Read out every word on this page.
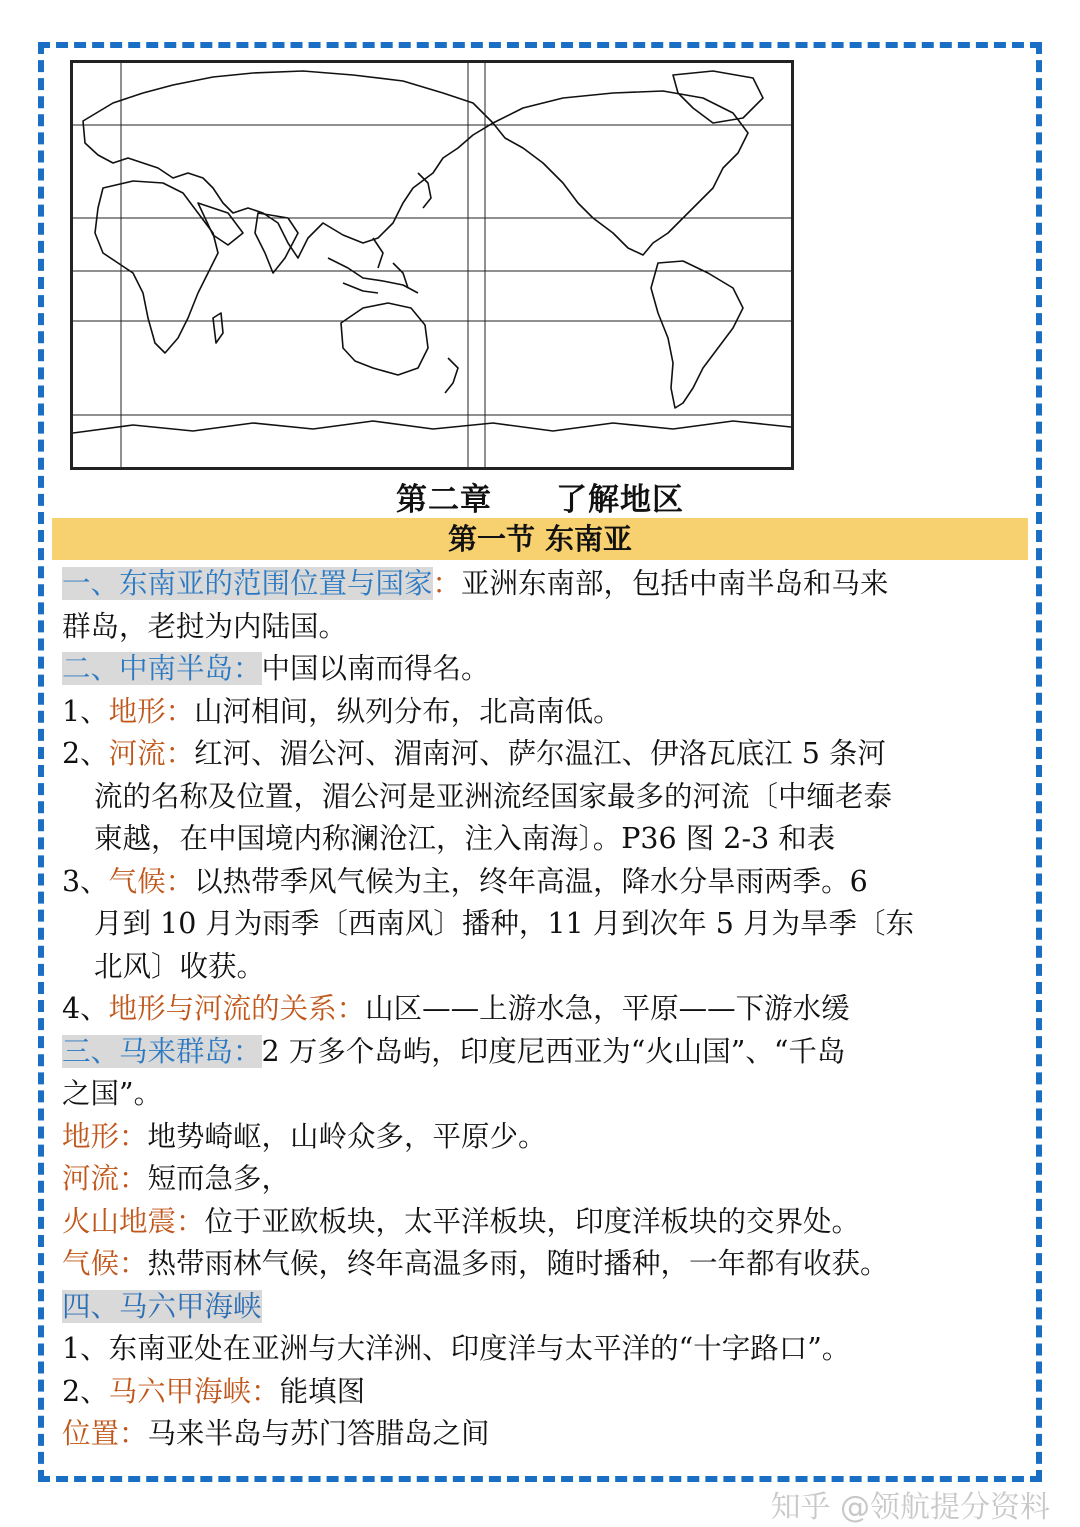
第二章　　了解地区
第一节 东南亚
一、东南亚的范围位置与国家：亚洲东南部，包括中南半岛和马来
群岛，老挝为内陆国。
二、中南半岛：中国以南而得名。
1、地形：山河相间，纵列分布，北高南低。
2、河流：红河、湄公河、湄南河、萨尔温江、伊洛瓦底江 5 条河
流的名称及位置，湄公河是亚洲流经国家最多的河流〔中缅老泰
柬越，在中国境内称澜沧江，注入南海〕。P36 图 2-3 和表
3、气候：以热带季风气候为主，终年高温，降水分旱雨两季。6
月到 10 月为雨季〔西南风〕播种，11 月到次年 5 月为旱季〔东
北风〕收获。
4、地形与河流的关系：山区——上游水急，平原——下游水缓
三、马来群岛：2 万多个岛屿，印度尼西亚为“火山国”、“千岛
之国”。
地形：地势崎岖，山岭众多，平原少。
河流：短而急多，
火山地震：位于亚欧板块，太平洋板块，印度洋板块的交界处。
气候：热带雨林气候，终年高温多雨，随时播种，一年都有收获。
四、马六甲海峡
1、东南亚处在亚洲与大洋洲、印度洋与太平洋的“十字路口”。
2、马六甲海峡：能填图
位置：马来半岛与苏门答腊岛之间
知乎 @领航提分资料
